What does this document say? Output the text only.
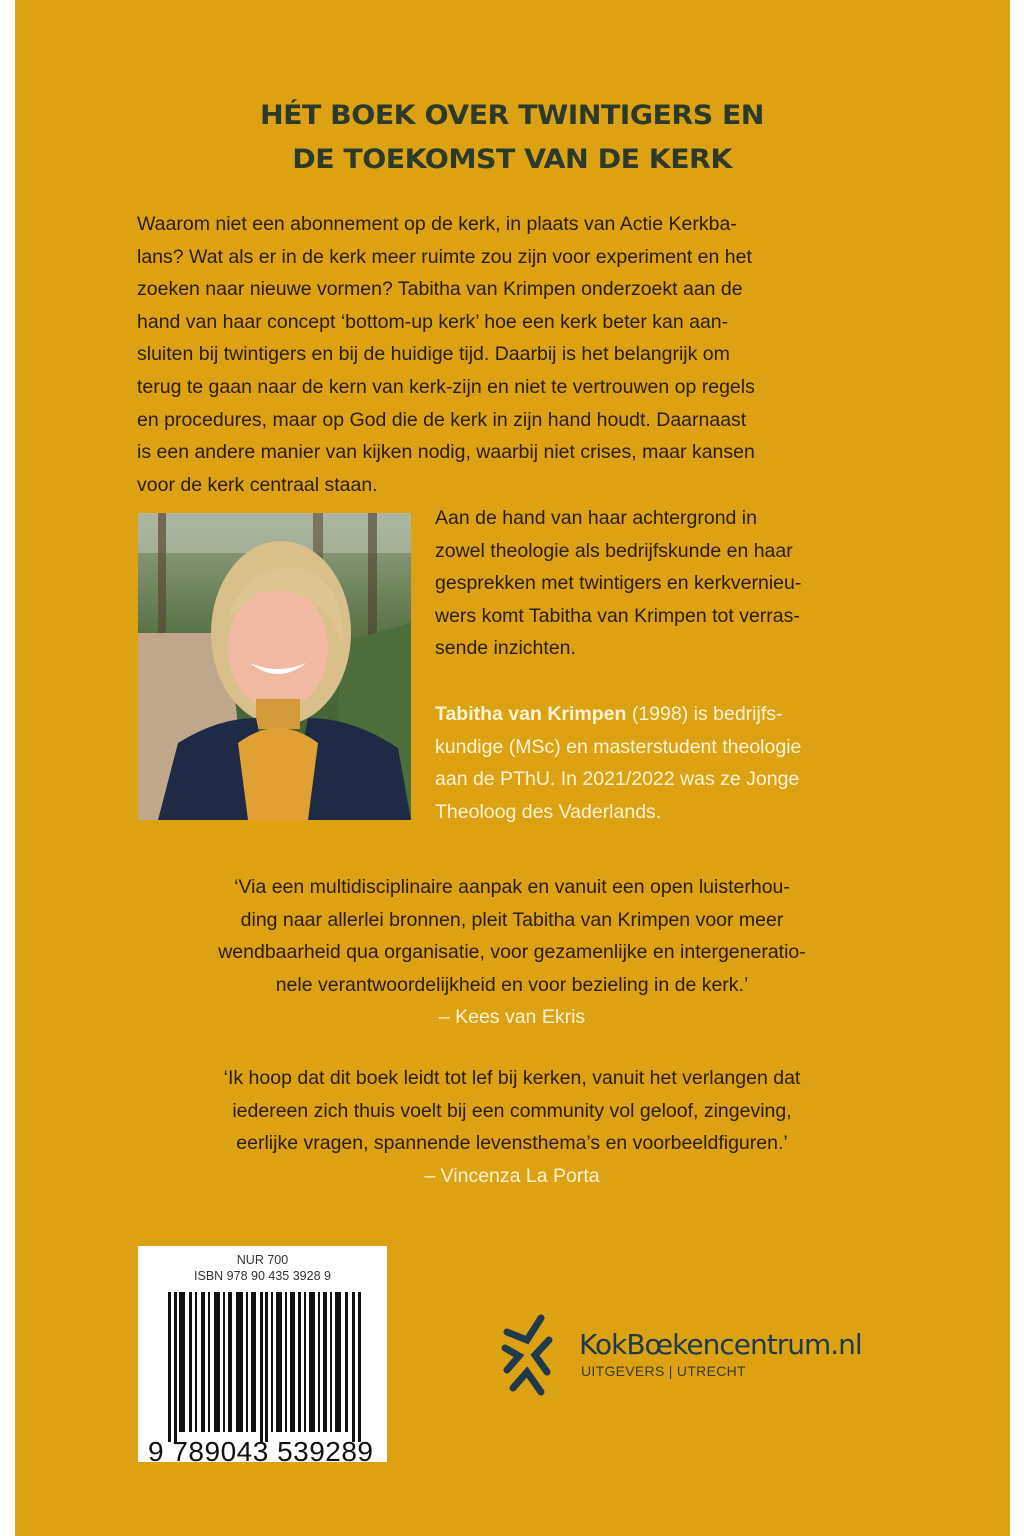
HÉT BOEK OVER TWINTIGERS EN
DE TOEKOMST VAN DE KERK
Waarom niet een abonnement op de kerk, in plaats van Actie Kerkba-
lans? Wat als er in de kerk meer ruimte zou zijn voor experiment en het
zoeken naar nieuwe vormen? Tabitha van Krimpen onderzoekt aan de
hand van haar concept ‘bottom-up kerk’ hoe een kerk beter kan aan-
sluiten bij twintigers en bij de huidige tijd. Daarbij is het belangrijk om
terug te gaan naar de kern van kerk-zijn en niet te vertrouwen op regels
en procedures, maar op God die de kerk in zijn hand houdt. Daarnaast
is een andere manier van kijken nodig, waarbij niet crises, maar kansen
voor de kerk centraal staan.
Aan de hand van haar achtergrond in
zowel theologie als bedrijfskunde en haar
gesprekken met twintigers en kerkvernieu-
wers komt Tabitha van Krimpen tot verras-
sende inzichten.
Tabitha van Krimpen (1998) is bedrijfs-
kundige (MSc) en masterstudent theologie
aan de PThU. In 2021/2022 was ze Jonge
Theoloog des Vaderlands.
‘Via een multidisciplinaire aanpak en vanuit een open luisterhou-
ding naar allerlei bronnen, pleit Tabitha van Krimpen voor meer
wendbaarheid qua organisatie, voor gezamenlijke en intergeneratio-
nele verantwoordelijkheid en voor bezieling in de kerk.’
– Kees van Ekris
‘Ik hoop dat dit boek leidt tot lef bij kerken, vanuit het verlangen dat
iedereen zich thuis voelt bij een community vol geloof, zingeving,
eerlijke vragen, spannende levensthema’s en voorbeeldfiguren.’
– Vincenza La Porta
NUR 700
ISBN 978 90 435 3928 9
9 789043 539289
KokBœkencentrum.nl
UITGEVERS | UTRECHT
